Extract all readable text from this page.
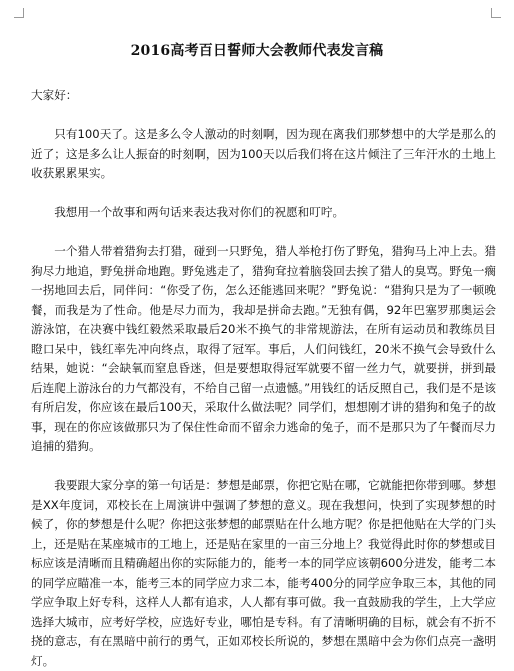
2016高考百日誓师大会教师代表发言稿

大家好：

只有100天了。这是多么令人激动的时刻啊，因为现在离我们那梦想中的大学是那么的近了；这是多么让人振奋的时刻啊，因为100天以后我们将在这片倾注了三年汗水的土地上收获累累果实。

我想用一个故事和两句话来表达我对你们的祝愿和叮咛。

一个猎人带着猎狗去打猎，碰到一只野兔，猎人举枪打伤了野兔，猎狗马上冲上去。猎狗尽力地追，野兔拼命地跑。野兔逃走了，猎狗耷拉着脑袋回去挨了猎人的臭骂。野兔一瘸一拐地回去后，同伴问：“你受了伤，怎么还能逃回来呢？”野兔说：“猎狗只是为了一顿晚餐，而我是为了性命。他是尽力而为，我却是拼命去跑。”无独有偶，92年巴塞罗那奥运会游泳馆，在决赛中钱红毅然采取最后20米不换气的非常规游法，在所有运动员和教练员目瞪口呆中，钱红率先冲向终点，取得了冠军。事后，人们问钱红，20米不换气会导致什么结果，她说：“会缺氧而窒息昏迷，但是要想取得冠军就要不留一丝力气，就要拼，拼到最后连爬上游泳台的力气都没有，不给自己留一点遗憾。”用钱红的话反照自己，我们是不是该有所启发，你应该在最后100天，采取什么做法呢？同学们，想想刚才讲的猎狗和兔子的故事，现在的你应该做那只为了保住性命而不留余力逃命的兔子，而不是那只为了午餐而尽力追捕的猎狗。

我要跟大家分享的第一句话是：梦想是邮票，你把它贴在哪，它就能把你带到哪。梦想是XX年度词，邓校长在上周演讲中强调了梦想的意义。现在我想问，快到了实现梦想的时候了，你的梦想是什么呢？你把这张梦想的邮票贴在什么地方呢？你是把他贴在大学的门头上，还是贴在某座城市的工地上，还是贴在家里的一亩三分地上？我觉得此时你的梦想或目标应该是清晰而且精确超出你的实际能力的，能考一本的同学应该朝600分进发，能考二本的同学应瞄准一本，能考三本的同学应力求二本，能考400分的同学应争取三本，其他的同学应争取上好专科，这样人人都有追求，人人都有事可做。我一直鼓励我的学生，上大学应选择大城市，应考好学校，应选好专业，哪怕是专科。有了清晰明确的目标，就会有不折不挠的意志，有在黑暗中前行的勇气，正如邓校长所说的，梦想在黑暗中会为你们点亮一盏明灯。
